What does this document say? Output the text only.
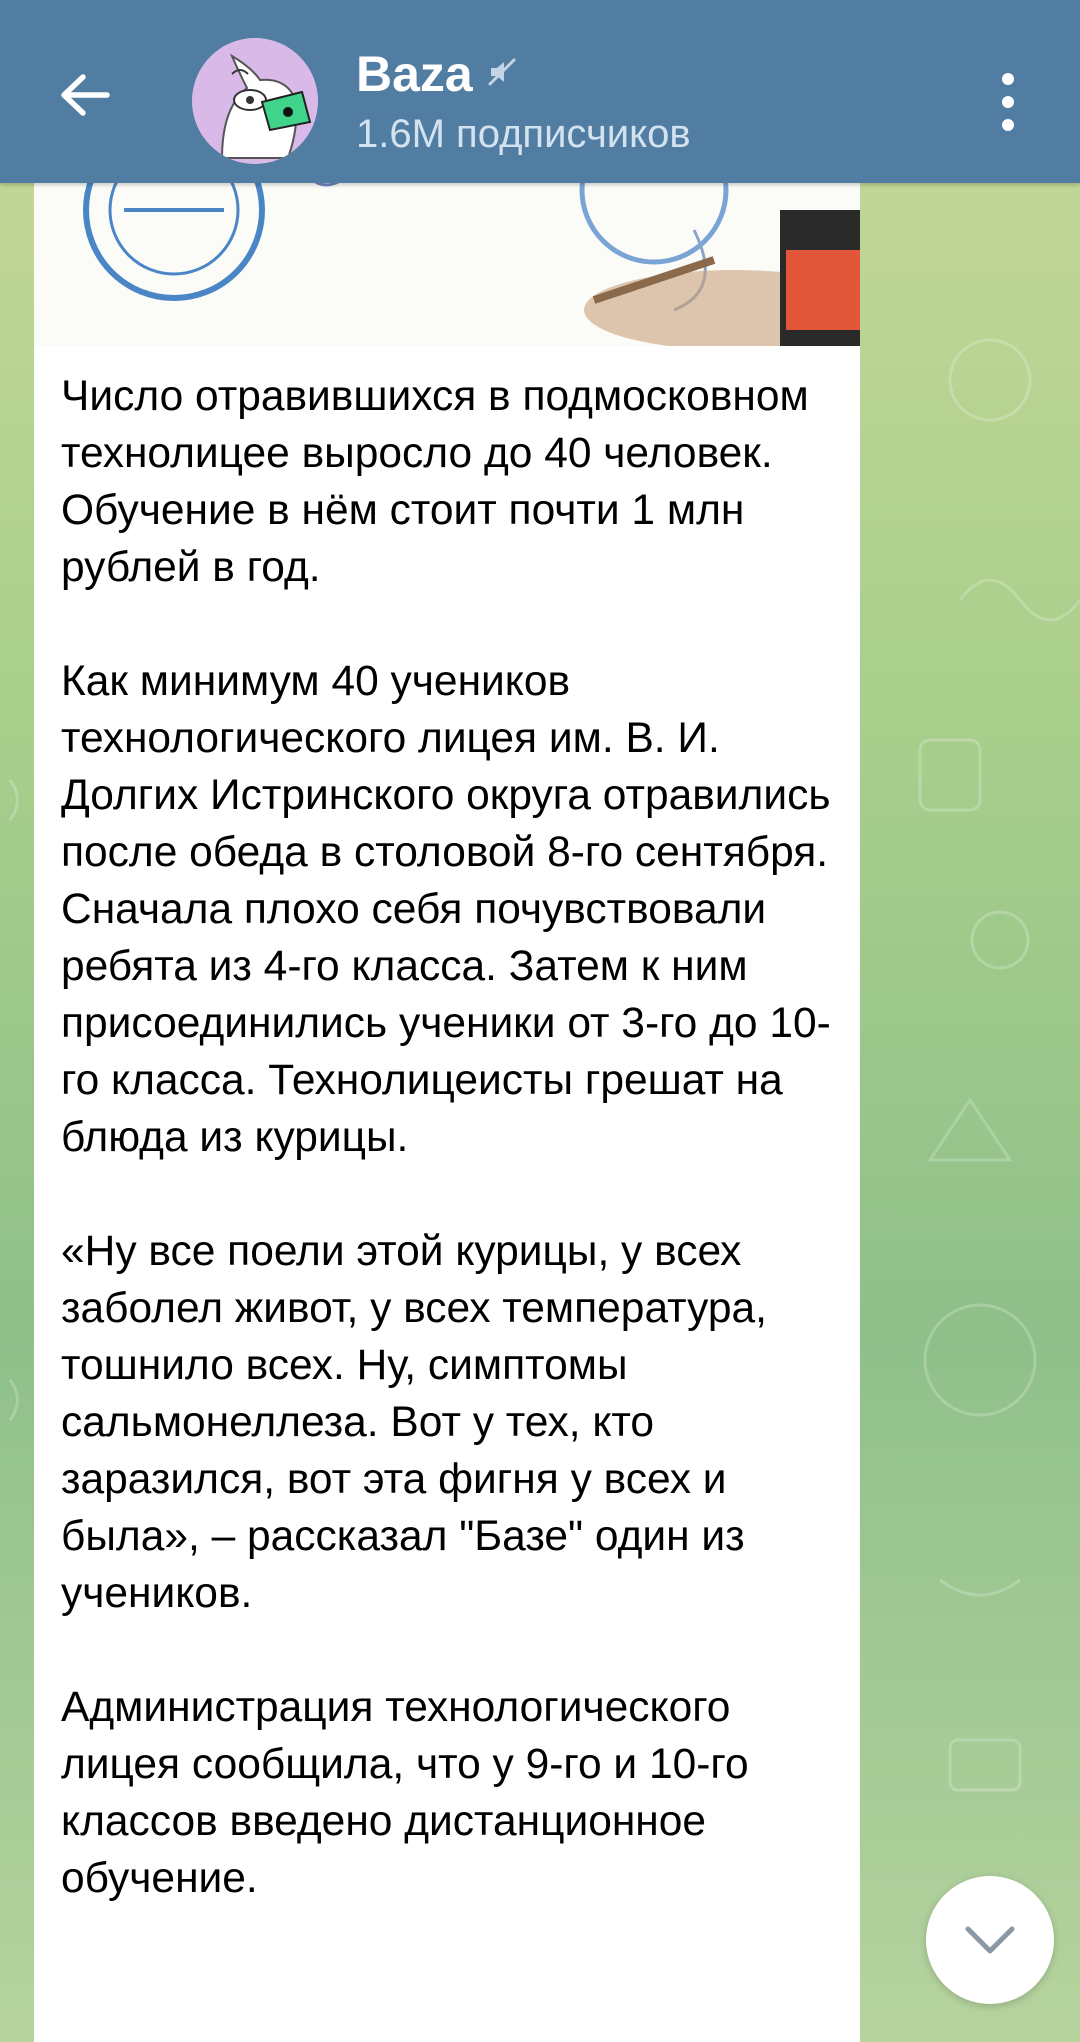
Baza
1.6M подписчиков
Число отравившихся в подмосковном технолицее выросло до 40 человек. Обучение в нём стоит почти 1 млн рублей в год.

Как минимум 40 учеников технологического лицея им. В. И. Долгих Истринского округа отравились после обеда в столовой 8-го сентября. Сначала плохо себя почувствовали ребята из 4-го класса. Затем к ним присоединились ученики от 3-го до 10-го класса. Технолицеисты грешат на блюда из курицы.

«Ну все поели этой курицы, у всех заболел живот, у всех температура, тошнило всех. Ну, симптомы сальмонеллеза. Вот у тех, кто заразился, вот эта фигня у всех и была», – рассказал "Базе" один из учеников.

Администрация технологического лицея сообщила, что у 9-го и 10-го классов введено дистанционное обучение.
